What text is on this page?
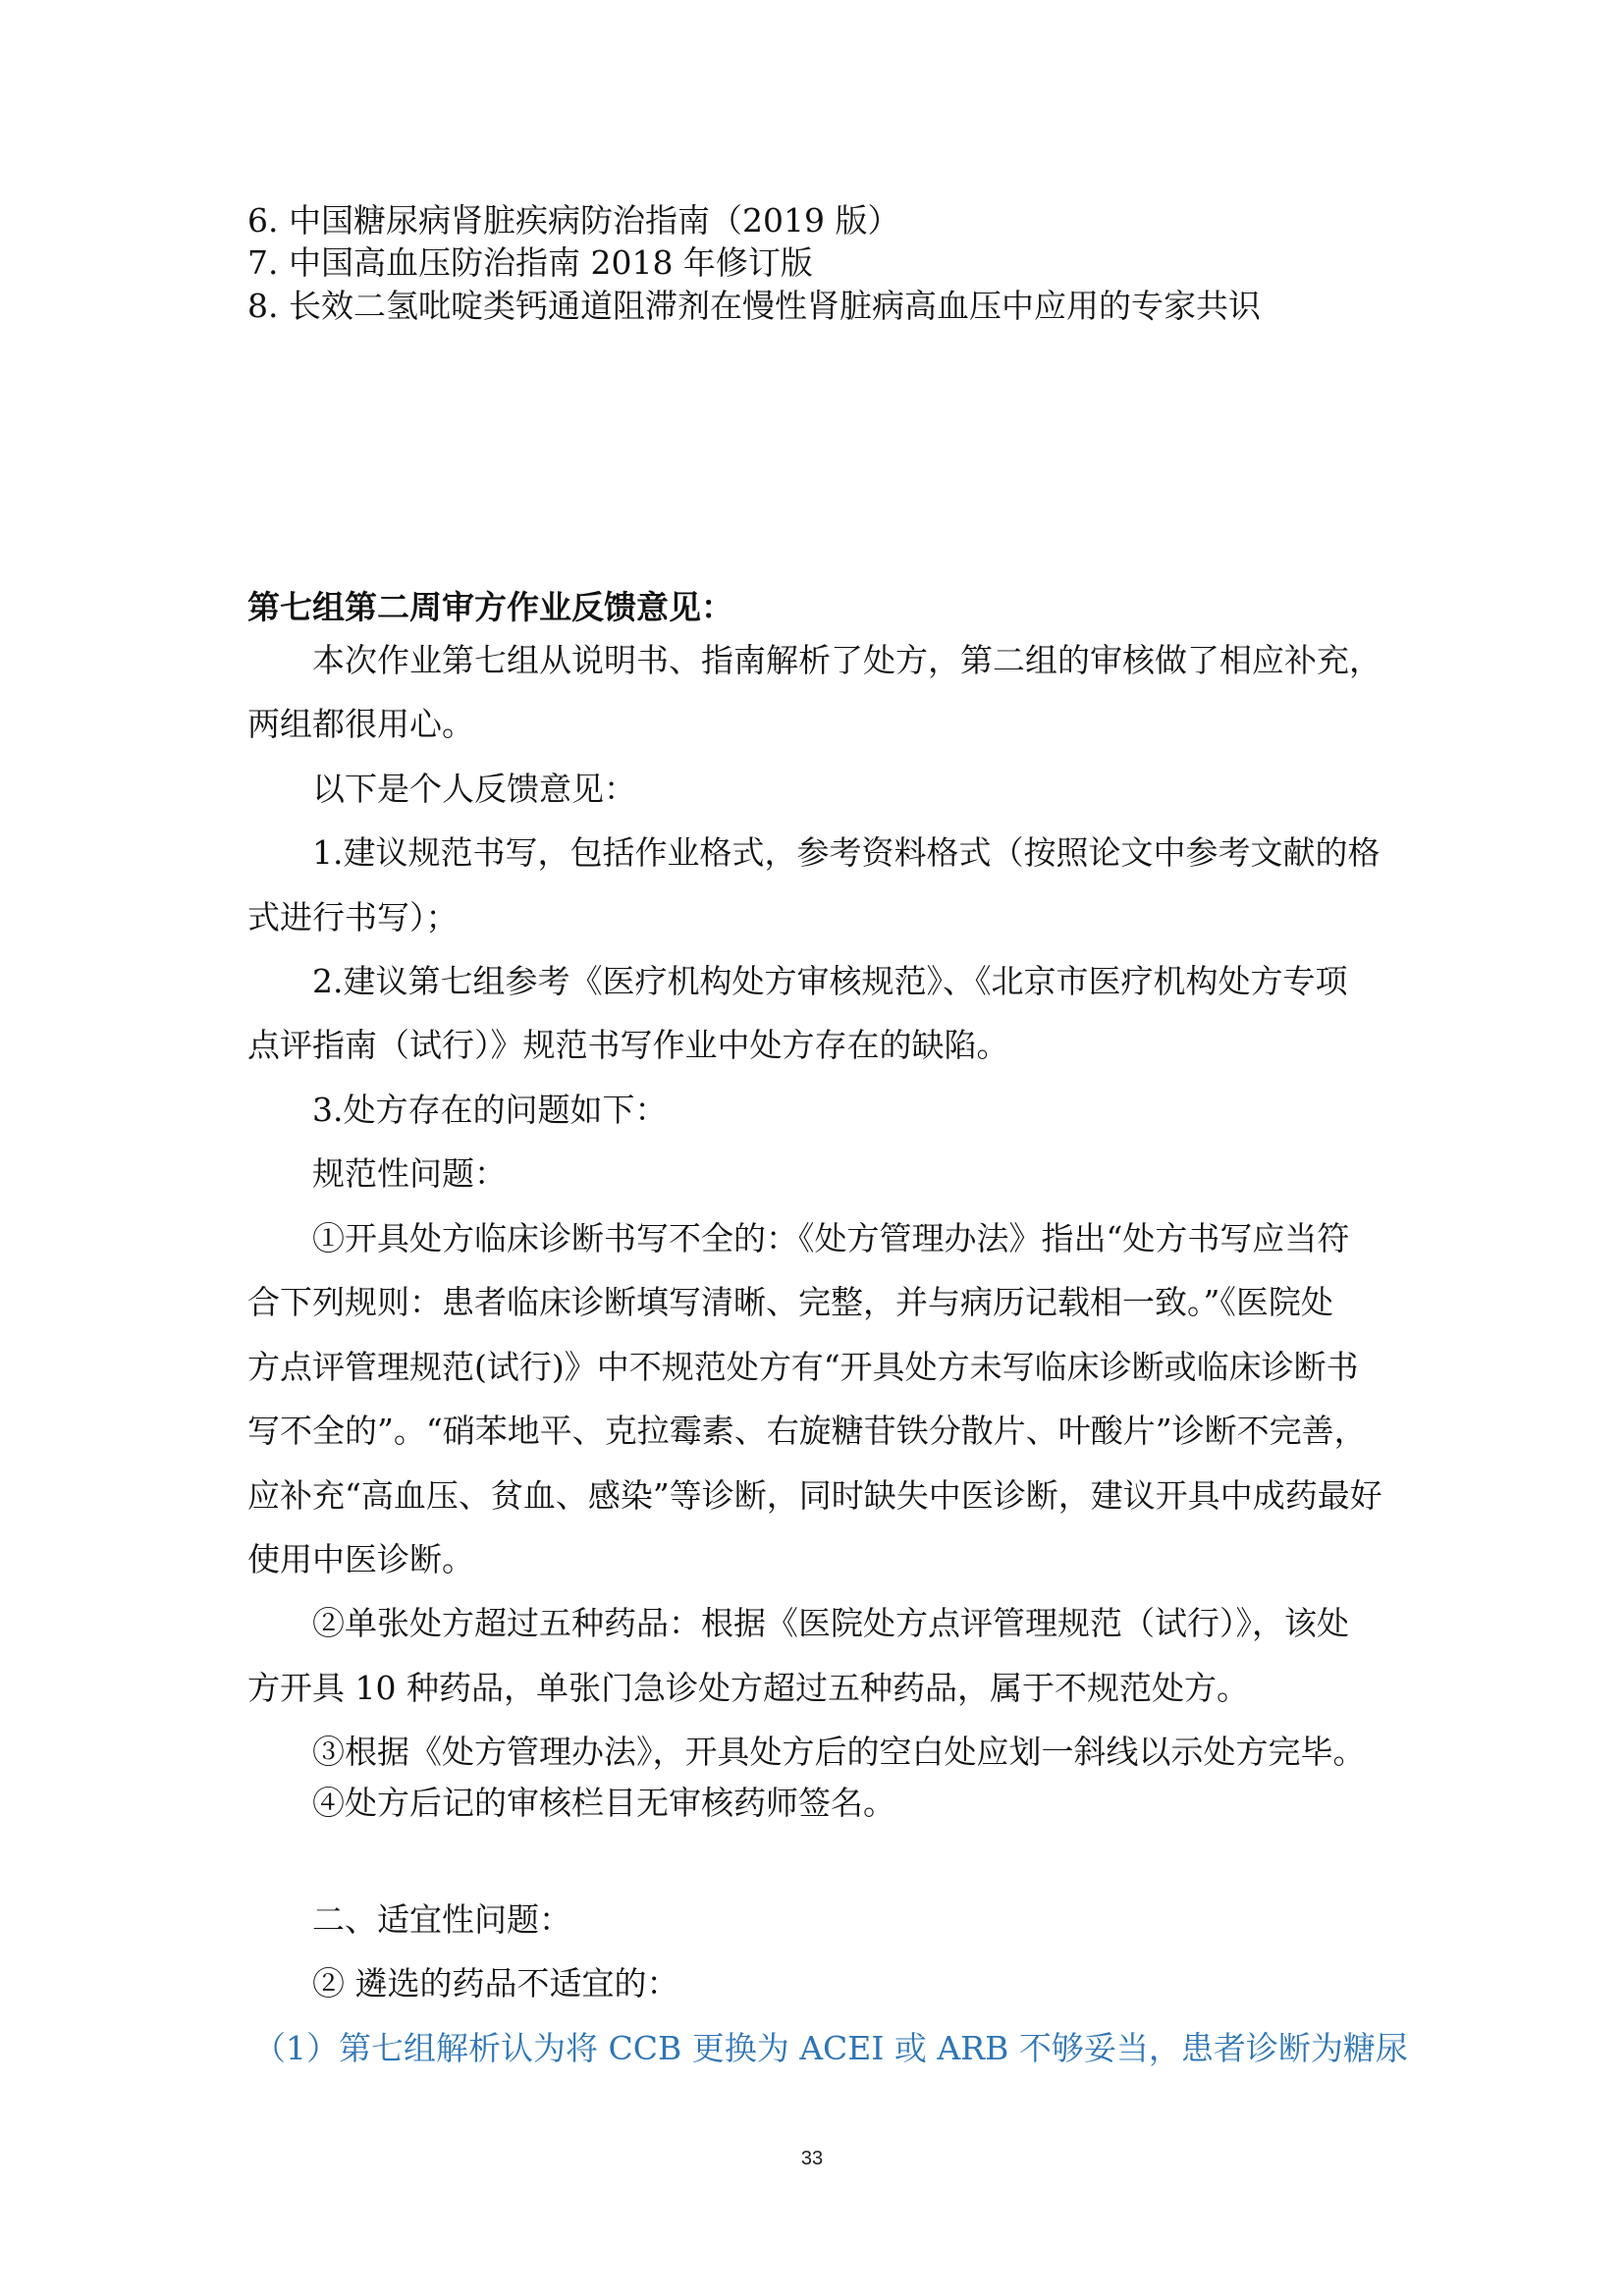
6. 中国糖尿病肾脏疾病防治指南（2019 版）
7. 中国高血压防治指南 2018 年修订版
8. 长效二氢吡啶类钙通道阻滞剂在慢性肾脏病高血压中应用的专家共识
第七组第二周审方作业反馈意见：
本次作业第七组从说明书、指南解析了处方，第二组的审核做了相应补充，
两组都很用心。
以下是个人反馈意见：
1.建议规范书写，包括作业格式，参考资料格式（按照论文中参考文献的格
式进行书写）；
2.建议第七组参考《医疗机构处方审核规范》、《北京市医疗机构处方专项
点评指南（试行）》规范书写作业中处方存在的缺陷。
3.处方存在的问题如下：
规范性问题：
①开具处方临床诊断书写不全的：《处方管理办法》指出“处方书写应当符
合下列规则：患者临床诊断填写清晰、完整，并与病历记载相一致。”《医院处
方点评管理规范(试行)》中不规范处方有“开具处方未写临床诊断或临床诊断书
写不全的”。“硝苯地平、克拉霉素、右旋糖苷铁分散片、叶酸片”诊断不完善，
应补充“高血压、贫血、感染”等诊断，同时缺失中医诊断，建议开具中成药最好
使用中医诊断。
②单张处方超过五种药品：根据《医院处方点评管理规范（试行）》，该处
方开具 10 种药品，单张门急诊处方超过五种药品，属于不规范处方。
③根据《处方管理办法》，开具处方后的空白处应划一斜线以示处方完毕。
④处方后记的审核栏目无审核药师签名。
二、适宜性问题：
② 遴选的药品不适宜的：
（1）第七组解析认为将 CCB 更换为 ACEI 或 ARB 不够妥当，患者诊断为糖尿
33
